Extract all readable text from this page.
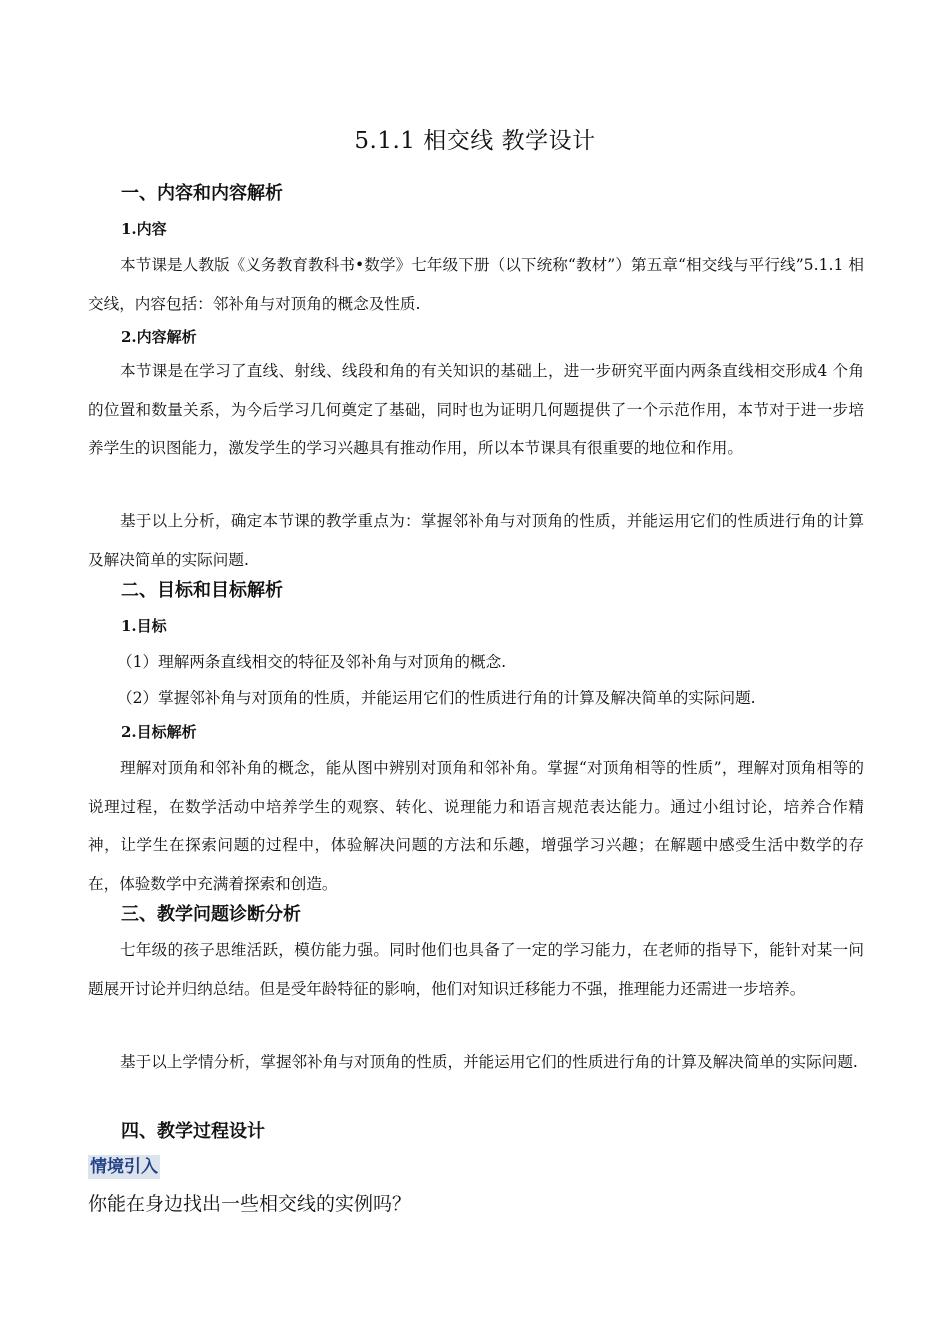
5.1.1 相交线 教学设计
一、内容和内容解析
1.内容

本节课是人教版《义务教育教科书•数学》七年级下册（以下统称“教材”）第五章“相交线与平行线”5.1.1 相交线，内容包括：邻补角与对顶角的概念及性质.

2.内容解析

本节课是在学习了直线、射线、线段和角的有关知识的基础上，进一步研究平面内两条直线相交形成4 个角的位置和数量关系，为今后学习几何奠定了基础，同时也为证明几何题提供了一个示范作用，本节对于进一步培养学生的识图能力，激发学生的学习兴趣具有推动作用，所以本节课具有很重要的地位和作用。

基于以上分析，确定本节课的教学重点为：掌握邻补角与对顶角的性质，并能运用它们的性质进行角的计算及解决简单的实际问题.

二、目标和目标解析
1.目标
（1）理解两条直线相交的特征及邻补角与对顶角的概念.
（2）掌握邻补角与对顶角的性质，并能运用它们的性质进行角的计算及解决简单的实际问题.
2.目标解析

理解对顶角和邻补角的概念，能从图中辨别对顶角和邻补角。掌握“对顶角相等的性质”，理解对顶角相等的说理过程，在数学活动中培养学生的观察、转化、说理能力和语言规范表达能力。通过小组讨论，培养合作精神，让学生在探索问题的过程中，体验解决问题的方法和乐趣，增强学习兴趣；在解题中感受生活中数学的存在，体验数学中充满着探索和创造。

三、教学问题诊断分析

七年级的孩子思维活跃，模仿能力强。同时他们也具备了一定的学习能力，在老师的指导下，能针对某一问题展开讨论并归纳总结。但是受年龄特征的影响，他们对知识迁移能力不强，推理能力还需进一步培养。

基于以上学情分析，掌握邻补角与对顶角的性质，并能运用它们的性质进行角的计算及解决简单的实际问题.

四、教学过程设计
情境引入
你能在身边找出一些相交线的实例吗？
